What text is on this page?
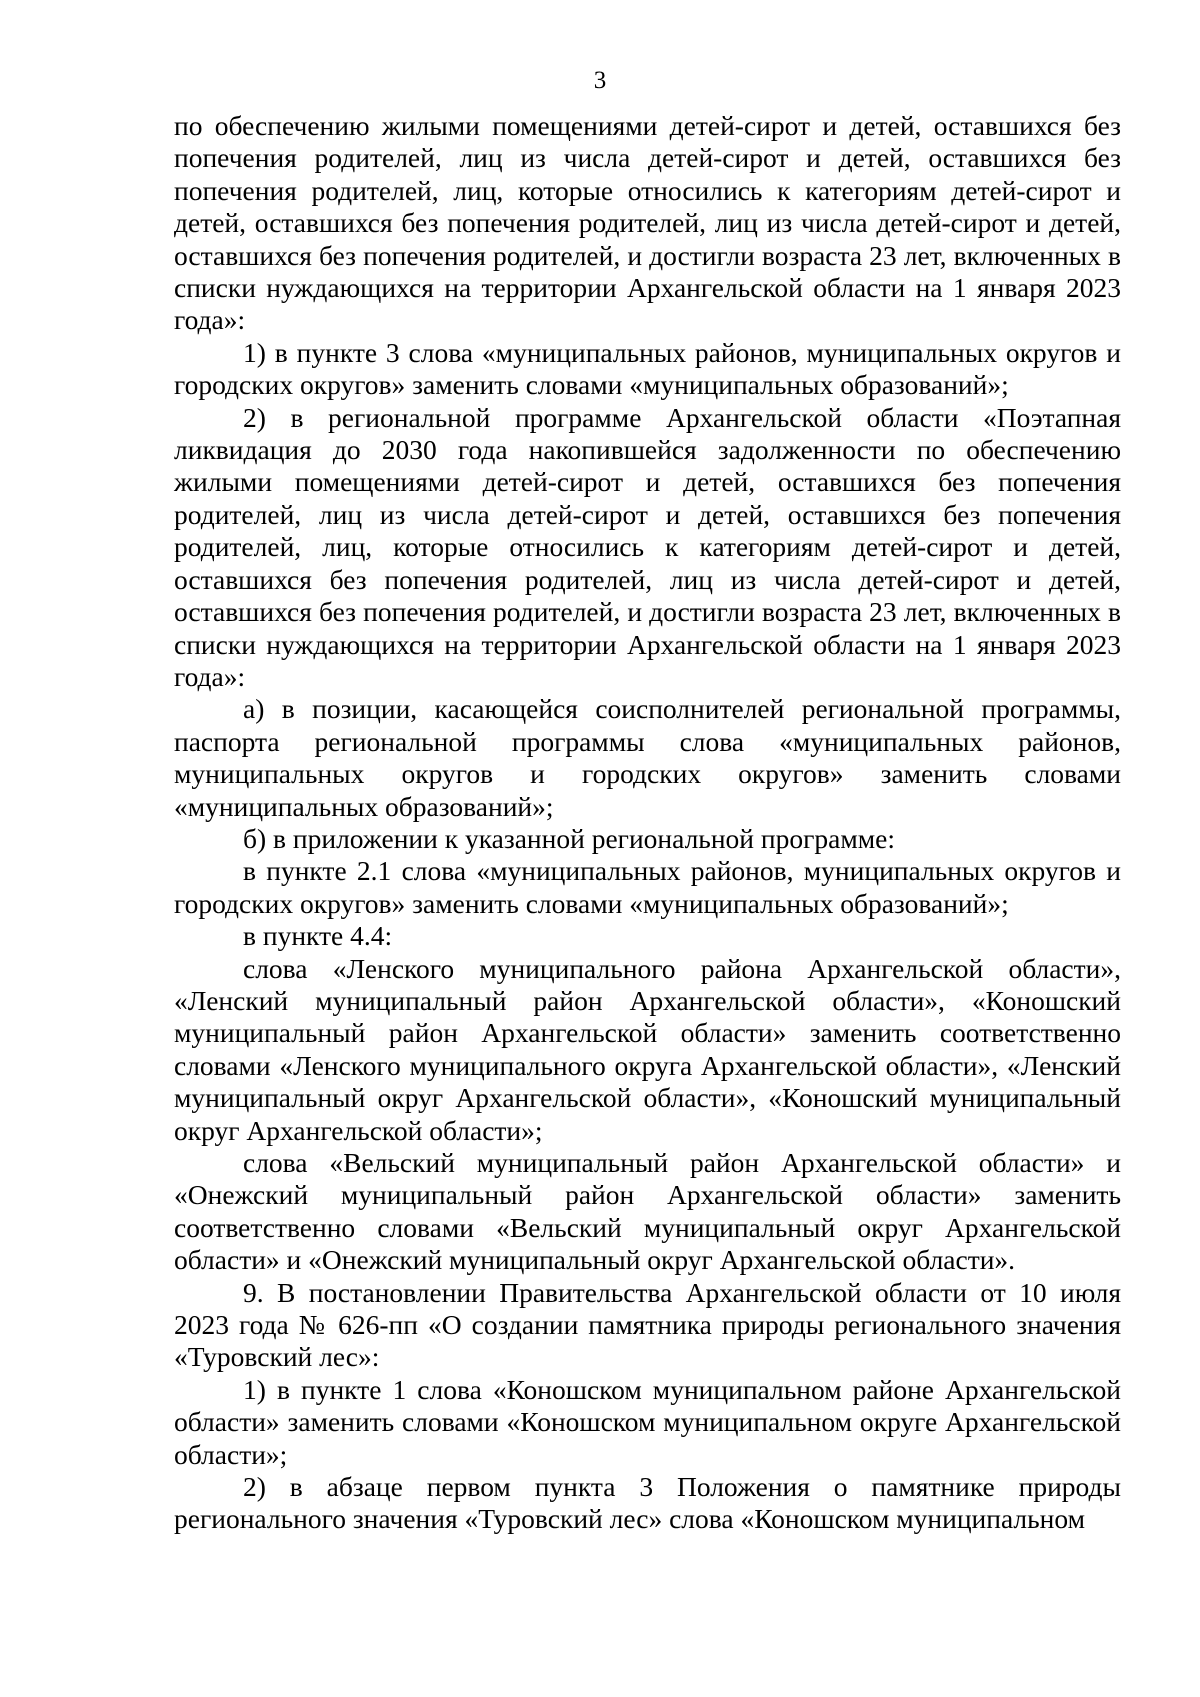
3

по обеспечению жилыми помещениями детей-сирот и детей, оставшихся без попечения родителей, лиц из числа детей-сирот и детей, оставшихся без попечения родителей, лиц, которые относились к категориям детей-сирот и детей, оставшихся без попечения родителей, лиц из числа детей-сирот и детей, оставшихся без попечения родителей, и достигли возраста 23 лет, включенных в списки нуждающихся на территории Архангельской области на 1 января 2023 года»:

1) в пункте 3 слова «муниципальных районов, муниципальных округов и городских округов» заменить словами «муниципальных образований»;

2) в региональной программе Архангельской области «Поэтапная ликвидация до 2030 года накопившейся задолженности по обеспечению жилыми помещениями детей-сирот и детей, оставшихся без попечения родителей, лиц из числа детей-сирот и детей, оставшихся без попечения родителей, лиц, которые относились к категориям детей-сирот и детей, оставшихся без попечения родителей, лиц из числа детей-сирот и детей, оставшихся без попечения родителей, и достигли возраста 23 лет, включенных в списки нуждающихся на территории Архангельской области на 1 января 2023 года»:

а) в позиции, касающейся соисполнителей региональной программы, паспорта региональной программы слова «муниципальных районов, муниципальных округов и городских округов» заменить словами «муниципальных образований»;

б) в приложении к указанной региональной программе:

в пункте 2.1 слова «муниципальных районов, муниципальных округов и городских округов» заменить словами «муниципальных образований»;

в пункте 4.4:

слова «Ленского муниципального района Архангельской области», «Ленский муниципальный район Архангельской области», «Коношский муниципальный район Архангельской области» заменить соответственно словами «Ленского муниципального округа Архангельской области», «Ленский муниципальный округ Архангельской области», «Коношский муниципальный округ Архангельской области»;

слова «Вельский муниципальный район Архангельской области» и «Онежский муниципальный район Архангельской области» заменить соответственно словами «Вельский муниципальный округ Архангельской области» и «Онежский муниципальный округ Архангельской области».

9. В постановлении Правительства Архангельской области от 10 июля 2023 года № 626-пп «О создании памятника природы регионального значения «Туровский лес»:

1) в пункте 1 слова «Коношском муниципальном районе Архангельской области» заменить словами «Коношском муниципальном округе Архангельской области»;

2) в абзаце первом пункта 3 Положения о памятнике природы регионального значения «Туровский лес» слова «Коношском муниципальном
